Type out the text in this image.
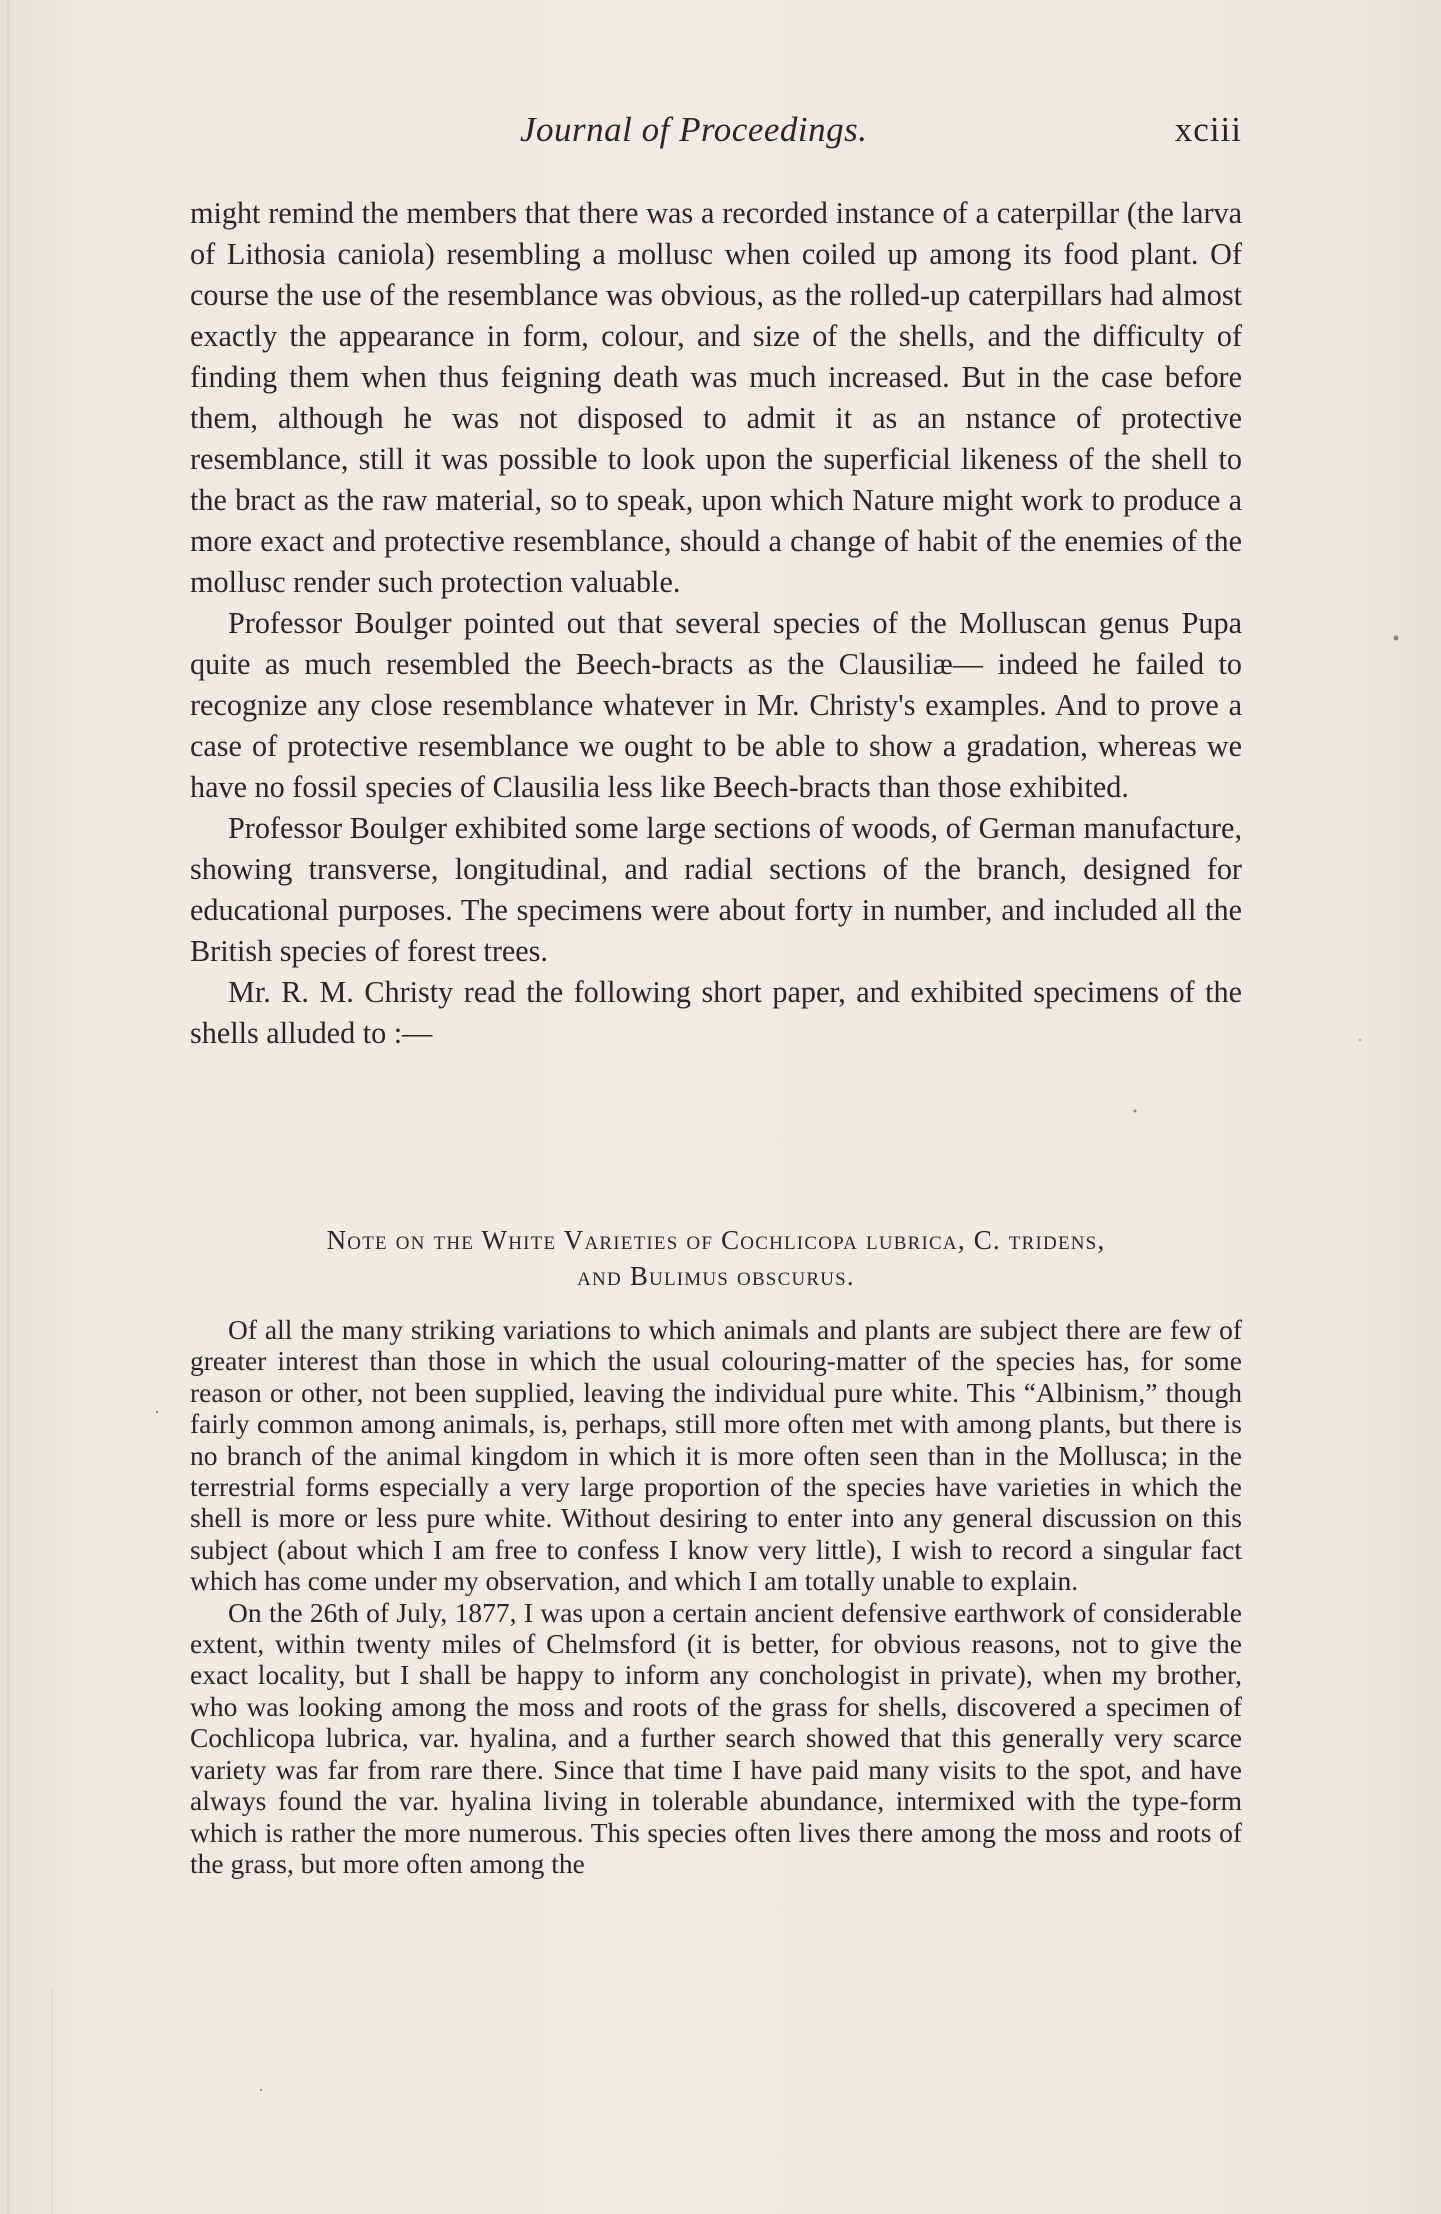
Journal of Proceedings.	xciii

might remind the members that there was a recorded instance of a caterpillar (the larva of Lithosia caniola) resembling a mollusc when coiled up among its food plant. Of course the use of the resemblance was obvious, as the rolled-up caterpillars had almost exactly the appearance in form, colour, and size of the shells, and the difficulty of finding them when thus feigning death was much increased. But in the case before them, although he was not disposed to admit it as an nstance of protective resemblance, still it was possible to look upon the superficial likeness of the shell to the bract as the raw material, so to speak, upon which Nature might work to produce a more exact and protective resemblance, should a change of habit of the enemies of the mollusc render such protection valuable.

Professor Boulger pointed out that several species of the Molluscan genus Pupa quite as much resembled the Beech-bracts as the Clausiliæ— indeed he failed to recognize any close resemblance whatever in Mr. Christy's examples. And to prove a case of protective resemblance we ought to be able to show a gradation, whereas we have no fossil species of Clausilia less like Beech-bracts than those exhibited.

Professor Boulger exhibited some large sections of woods, of German manufacture, showing transverse, longitudinal, and radial sections of the branch, designed for educational purposes. The specimens were about forty in number, and included all the British species of forest trees.

Mr. R. M. Christy read the following short paper, and exhibited specimens of the shells alluded to :—

Note on the White Varieties of Cochlicopa lubrica, C. tridens,
and Bulimus obscurus.

Of all the many striking variations to which animals and plants are subject there are few of greater interest than those in which the usual colouring-matter of the species has, for some reason or other, not been supplied, leaving the individual pure white. This “Albinism,” though fairly common among animals, is, perhaps, still more often met with among plants, but there is no branch of the animal kingdom in which it is more often seen than in the Mollusca; in the terrestrial forms especially a very large proportion of the species have varieties in which the shell is more or less pure white. Without desiring to enter into any general discussion on this subject (about which I am free to confess I know very little), I wish to record a singular fact which has come under my observation, and which I am totally unable to explain.

On the 26th of July, 1877, I was upon a certain ancient defensive earthwork of considerable extent, within twenty miles of Chelmsford (it is better, for obvious reasons, not to give the exact locality, but I shall be happy to inform any conchologist in private), when my brother, who was looking among the moss and roots of the grass for shells, discovered a specimen of Cochlicopa lubrica, var. hyalina, and a further search showed that this generally very scarce variety was far from rare there. Since that time I have paid many visits to the spot, and have always found the var. hyalina living in tolerable abundance, intermixed with the type-form which is rather the more numerous. This species often lives there among the moss and roots of the grass, but more often among the
